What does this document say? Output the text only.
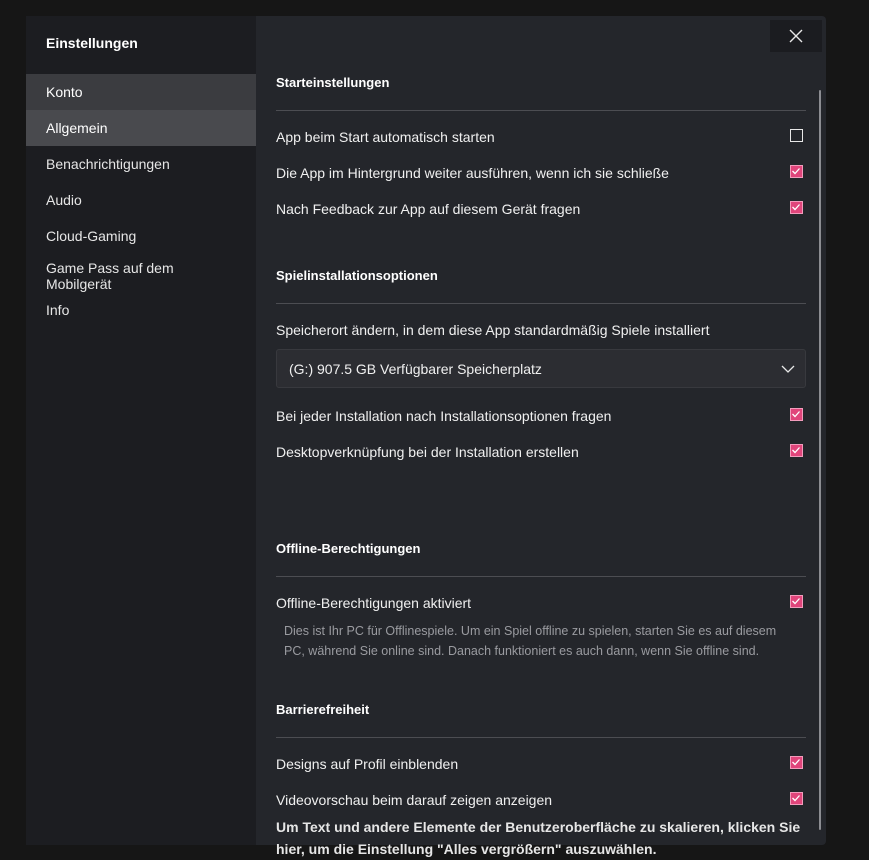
Einstellungen
Konto
Allgemein
Benachrichtigungen
Audio
Cloud-Gaming
Game Pass auf dem Mobilgerät
Info
Starteinstellungen
App beim Start automatisch starten
Die App im Hintergrund weiter ausführen, wenn ich sie schließe
Nach Feedback zur App auf diesem Gerät fragen
Spielinstallationsoptionen
Speicherort ändern, in dem diese App standardmäßig Spiele installiert
(G:) 907.5 GB Verfügbarer Speicherplatz
Bei jeder Installation nach Installationsoptionen fragen
Desktopverknüpfung bei der Installation erstellen
Offline-Berechtigungen
Offline-Berechtigungen aktiviert
Dies ist Ihr PC für Offlinespiele. Um ein Spiel offline zu spielen, starten Sie es auf diesem PC, während Sie online sind. Danach funktioniert es auch dann, wenn Sie offline sind.
Barrierefreiheit
Designs auf Profil einblenden
Videovorschau beim darauf zeigen anzeigen
Um Text und andere Elemente der Benutzeroberfläche zu skalieren, klicken Sie hier, um die Einstellung "Alles vergrößern" auszuwählen.
